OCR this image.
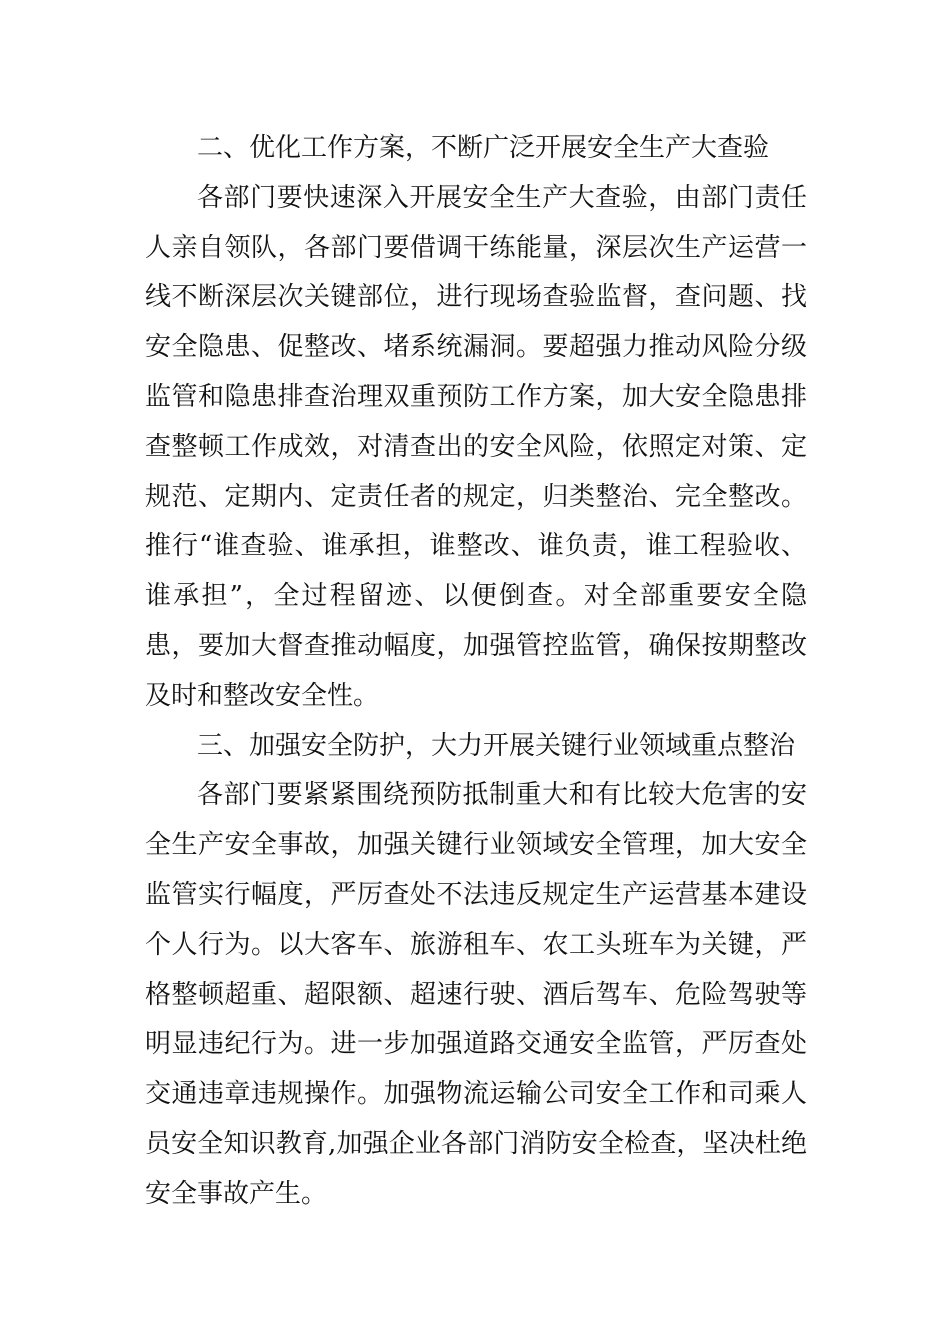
二、优化工作方案，不断广泛开展安全生产大查验

各部门要快速深入开展安全生产大查验，由部门责任人亲自领队，各部门要借调干练能量，深层次生产运营一线不断深层次关键部位，进行现场查验监督，查问题、找安全隐患、促整改、堵系统漏洞。要超强力推动风险分级监管和隐患排查治理双重预防工作方案，加大安全隐患排查整顿工作成效，对清查出的安全风险，依照定对策、定规范、定期内、定责任者的规定，归类整治、完全整改。推行“谁查验、谁承担，谁整改、谁负责，谁工程验收、谁承担”，全过程留迹、以便倒查。对全部重要安全隐患，要加大督查推动幅度，加强管控监管，确保按期整改及时和整改安全性。

三、加强安全防护，大力开展关键行业领域重点整治

各部门要紧紧围绕预防抵制重大和有比较大危害的安全生产安全事故，加强关键行业领域安全管理，加大安全监管实行幅度，严厉查处不法违反规定生产运营基本建设个人行为。以大客车、旅游租车、农工头班车为关键，严格整顿超重、超限额、超速行驶、酒后驾车、危险驾驶等明显违纪行为。进一步加强道路交通安全监管，严厉查处交通违章违规操作。加强物流运输公司安全工作和司乘人员安全知识教育,加强企业各部门消防安全检查，坚决杜绝安全事故产生。
